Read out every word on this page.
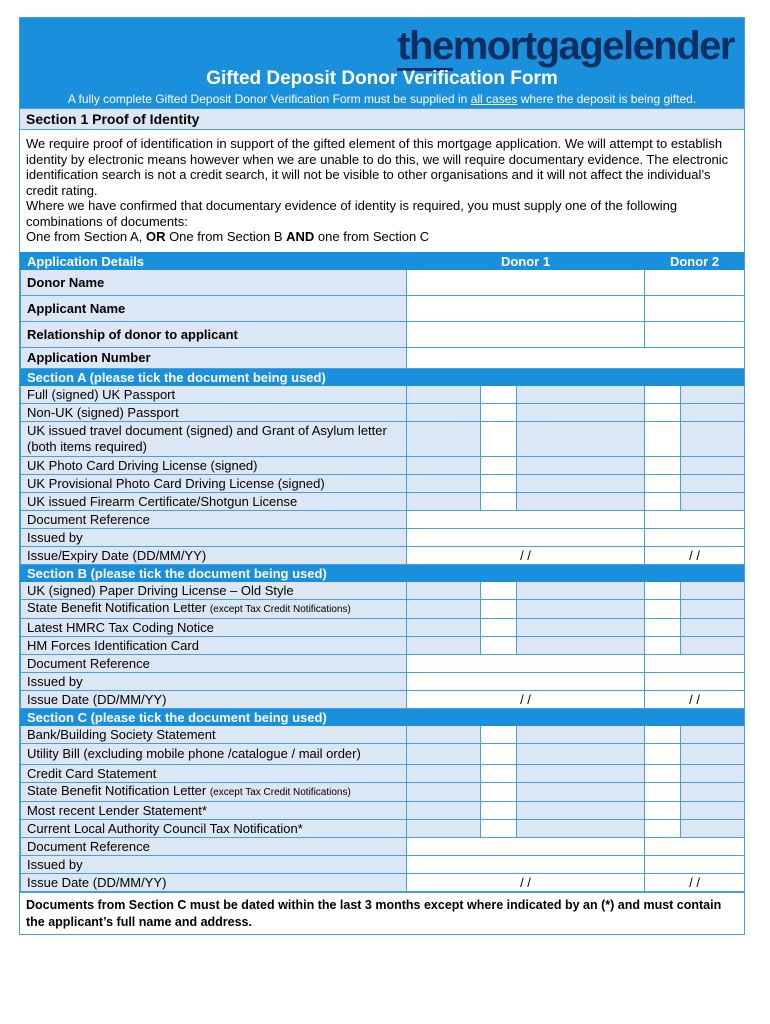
themortgagelender
Gifted Deposit Donor Verification Form
A fully complete Gifted Deposit Donor Verification Form must be supplied in all cases where the deposit is being gifted.
Section 1 Proof of Identity
We require proof of identification in support of the gifted element of this mortgage application. We will attempt to establish identity by electronic means however when we are unable to do this, we will require documentary evidence. The electronic identification search is not a credit search, it will not be visible to other organisations and it will not affect the individual’s credit rating.
Where we have confirmed that documentary evidence of identity is required, you must supply one of the following combinations of documents:
One from Section A, OR One from Section B AND one from Section C
Application Details	Donor 1			Donor 2	
Donor Name					
Applicant Name					
Relationship of donor to applicant					
Application Number					
Section A (please tick the document being used)					
Full (signed) UK Passport					
Non-UK (signed) Passport					
UK issued travel document (signed) and Grant of Asylum letter (both items required)					
UK Photo Card Driving License (signed)					
UK Provisional Photo Card Driving License (signed)					
UK issued Firearm Certificate/Shotgun License					
Document Reference					
Issued by					
Issue/Expiry Date (DD/MM/YY)	/ /			/ /	
Section B (please tick the document being used)					
UK (signed) Paper Driving License – Old Style					
State Benefit Notification Letter (except Tax Credit Notifications)					
Latest HMRC Tax Coding Notice					
HM Forces Identification Card					
Document Reference					
Issued by					
Issue Date (DD/MM/YY)	/ /			/ /	
Section C (please tick the document being used)					
Bank/Building Society Statement					
Utility Bill (excluding mobile phone /catalogue / mail order)					
Credit Card Statement					
State Benefit Notification Letter (except Tax Credit Notifications)					
Most recent Lender Statement*					
Current Local Authority Council Tax Notification*					
Document Reference					
Issued by					
Issue Date (DD/MM/YY)	/ /			/ /	
Documents from Section C must be dated within the last 3 months except where indicated by an (*) and must contain the applicant’s full name and address.
